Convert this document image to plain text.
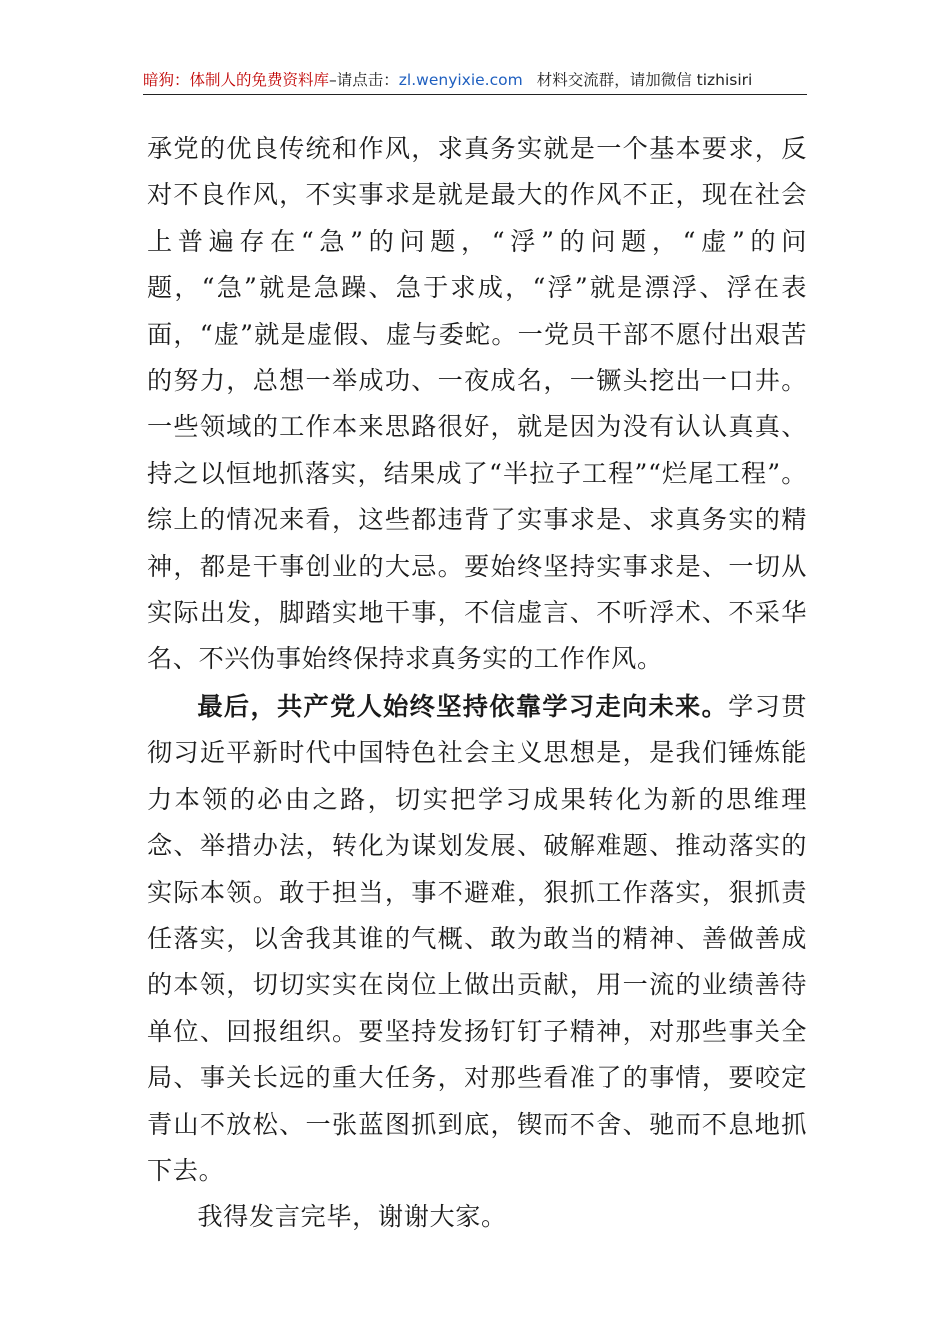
暗狗：体制人的免费资料库–请点击：zl.wenyixie.com 材料交流群，请加微信 tizhisiri

承党的优良传统和作风，求真务实就是一个基本要求，反对不良作风，不实事求是就是最大的作风不正，现在社会上普遍存在“急”的问题，“浮”的问题，“虚”的问题，“急”就是急躁、急于求成，“浮”就是漂浮、浮在表面，“虚”就是虚假、虚与委蛇。一党员干部不愿付出艰苦的努力，总想一举成功、一夜成名，一镢头挖出一口井。一些领域的工作本来思路很好，就是因为没有认认真真、持之以恒地抓落实，结果成了“半拉子工程”“烂尾工程”。综上的情况来看，这些都违背了实事求是、求真务实的精神，都是干事创业的大忌。要始终坚持实事求是、一切从实际出发，脚踏实地干事，不信虚言、不听浮术、不采华名、不兴伪事始终保持求真务实的工作作风。

最后，共产党人始终坚持依靠学习走向未来。学习贯彻习近平新时代中国特色社会主义思想是，是我们锤炼能力本领的必由之路，切实把学习成果转化为新的思维理念、举措办法，转化为谋划发展、破解难题、推动落实的实际本领。敢于担当，事不避难，狠抓工作落实，狠抓责任落实，以舍我其谁的气概、敢为敢当的精神、善做善成的本领，切切实实在岗位上做出贡献，用一流的业绩善待单位、回报组织。要坚持发扬钉钉子精神，对那些事关全局、事关长远的重大任务，对那些看准了的事情，要咬定青山不放松、一张蓝图抓到底，锲而不舍、驰而不息地抓下去。

我得发言完毕，谢谢大家。
